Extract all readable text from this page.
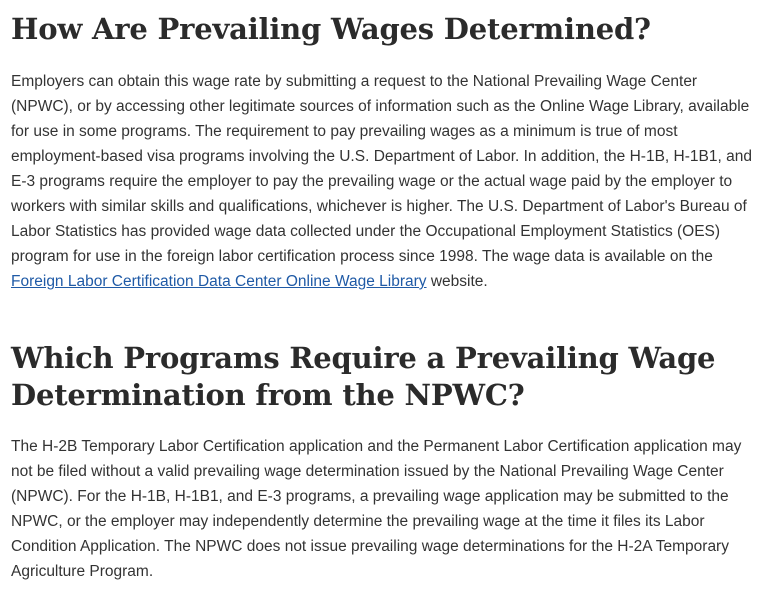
How Are Prevailing Wages Determined?

Employers can obtain this wage rate by submitting a request to the National Prevailing Wage Center (NPWC), or by accessing other legitimate sources of information such as the Online Wage Library, available for use in some programs. The requirement to pay prevailing wages as a minimum is true of most employment-based visa programs involving the U.S. Department of Labor. In addition, the H-1B, H-1B1, and E-3 programs require the employer to pay the prevailing wage or the actual wage paid by the employer to workers with similar skills and qualifications, whichever is higher. The U.S. Department of Labor's Bureau of Labor Statistics has provided wage data collected under the Occupational Employment Statistics (OES) program for use in the foreign labor certification process since 1998. The wage data is available on the Foreign Labor Certification Data Center Online Wage Library website.

Which Programs Require a Prevailing Wage Determination from the NPWC?

The H-2B Temporary Labor Certification application and the Permanent Labor Certification application may not be filed without a valid prevailing wage determination issued by the National Prevailing Wage Center (NPWC). For the H-1B, H-1B1, and E-3 programs, a prevailing wage application may be submitted to the NPWC, or the employer may independently determine the prevailing wage at the time it files its Labor Condition Application. The NPWC does not issue prevailing wage determinations for the H-2A Temporary Agriculture Program.
